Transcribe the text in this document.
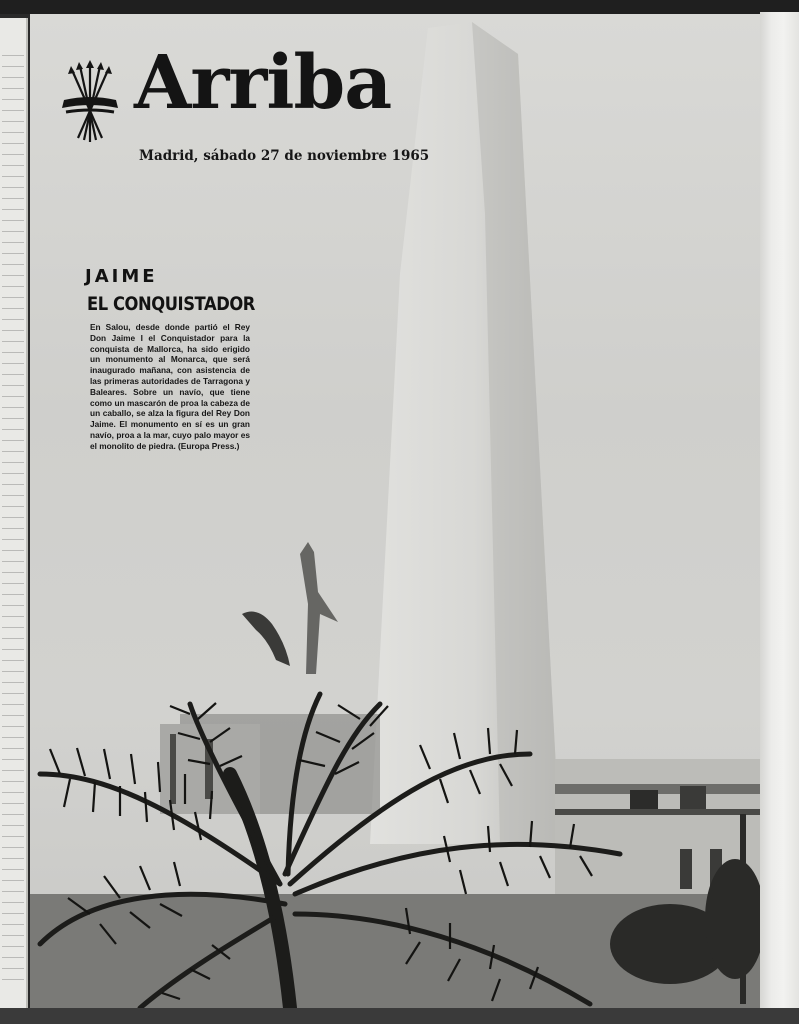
Arriba
Madrid, sábado 27 de noviembre 1965
JAIME
EL CONQUISTADOR
En Salou, desde donde partió el Rey Don Jaime I el Conquistador para la conquista de Mallorca, ha sido erigido un monumento al Monarca, que será inaugurado mañana, con asistencia de las primeras autoridades de Tarragona y Baleares. Sobre un navío, que tiene como un mascarón de proa la cabeza de un caballo, se alza la figura del Rey Don Jaime. El monumento en sí es un gran navío, proa a la mar, cuyo palo mayor es el monolito de piedra. (Europa Press.)
